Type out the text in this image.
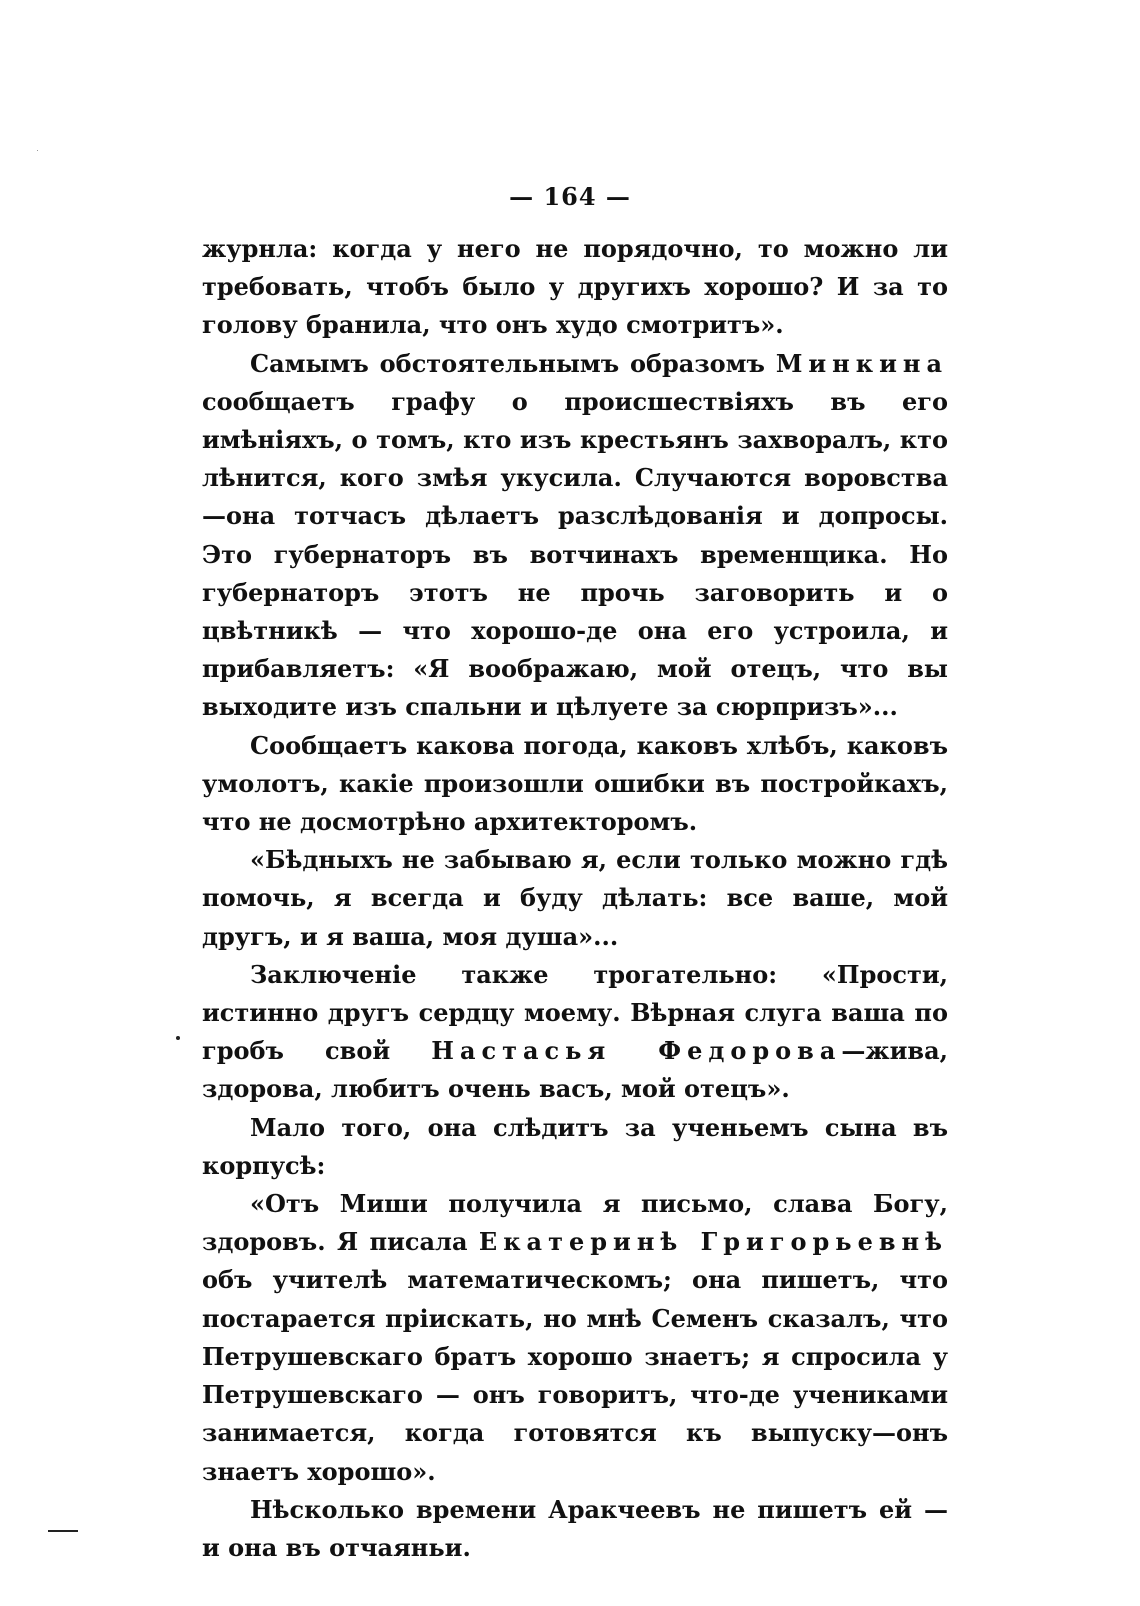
— 164 —

журнла: когда у него не порядочно, то можно ли требовать, чтобъ было у другихъ хорошо? И за то голову бранила, что онъ худо смотритъ».

Самымъ обстоятельнымъ образомъ Минкина сообщаетъ графу о происшествiяхъ въ его имѣнiяхъ, о томъ, кто изъ крестьянъ захворалъ, кто лѣнится, кого змѣя укусила. Случаются воровства—она тотчасъ дѣлаетъ разслѣдованiя и допросы. Это губернаторъ въ вотчинахъ временщика. Но губернаторъ этотъ не прочь заговорить и о цвѣтникѣ — что хорошо-де она его устроила, и прибавляетъ: «Я воображаю, мой отецъ, что вы выходите изъ спальни и цѣлуете за сюрпризъ»...

Сообщаетъ какова погода, каковъ хлѣбъ, каковъ умолотъ, какiе произошли ошибки въ постройкахъ, что не досмотрѣно архитекторомъ.

«Бѣдныхъ не забываю я, если только можно гдѣ помочь, я всегда и буду дѣлать: все ваше, мой другъ, и я ваша, моя душа»...

Заключенiе также трогательно: «Прости, истинно другъ сердцу моему. Вѣрная слуга ваша по гробъ свой Настасья Федорова—жива, здорова, любитъ очень васъ, мой отецъ».

Мало того, она слѣдитъ за ученьемъ сына въ корпусѣ:

«Отъ Миши получила я письмо, слава Богу, здоровъ. Я писала Екатеринѣ Григорьевнѣ объ учителѣ математическомъ; она пишетъ, что постарается прiискать, но мнѣ Семенъ сказалъ, что Петрушевскаго братъ хорошо знаетъ; я спросила у Петрушевскаго — онъ говоритъ, что-де учениками занимается, когда готовятся къ выпуску—онъ знаетъ хорошо».

Нѣсколько времени Аракчеевъ не пишетъ ей — и она въ отчаяньи.
